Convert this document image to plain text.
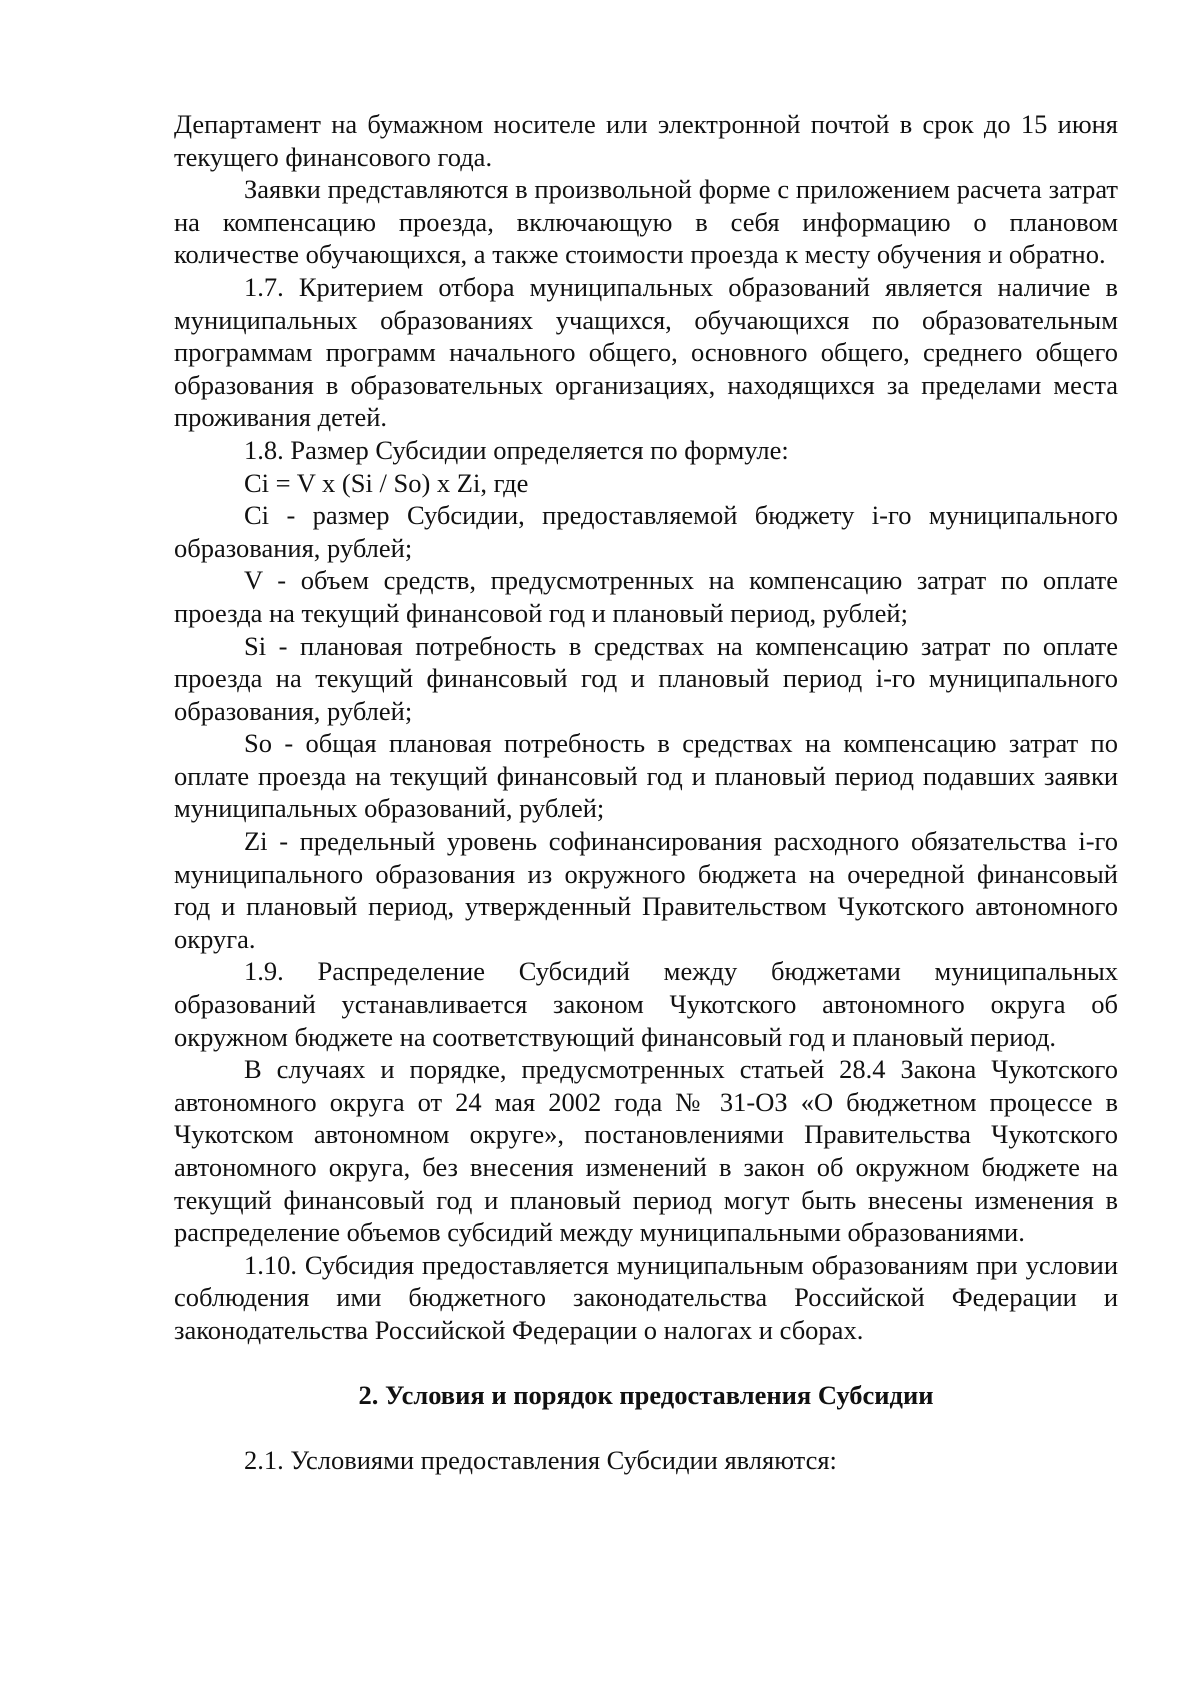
Департамент на бумажном носителе или электронной почтой в срок до 15 июня текущего финансового года.

Заявки представляются в произвольной форме с приложением расчета затрат на компенсацию проезда, включающую в себя информацию о плановом количестве обучающихся, а также стоимости проезда к месту обучения и обратно.

1.7. Критерием отбора муниципальных образований является наличие в муниципальных образованиях учащихся, обучающихся по образовательным программам программ начального общего, основного общего, среднего общего образования в образовательных организациях, находящихся за пределами места проживания детей.

1.8. Размер Субсидии определяется по формуле:

Ci = V x (Si / So) x Zi, где

Ci - размер Субсидии, предоставляемой бюджету i-го муниципального образования, рублей;

V - объем средств, предусмотренных на компенсацию затрат по оплате проезда на текущий финансовой год и плановый период, рублей;

Si - плановая потребность в средствах на компенсацию затрат по оплате проезда на текущий финансовый год и плановый период i-го муниципального образования, рублей;

So - общая плановая потребность в средствах на компенсацию затрат по оплате проезда на текущий финансовый год и плановый период подавших заявки муниципальных образований, рублей;

Zi - предельный уровень софинансирования расходного обязательства i-го муниципального образования из окружного бюджета на очередной финансовый год и плановый период, утвержденный Правительством Чукотского автономного округа.

1.9. Распределение Субсидий между бюджетами муниципальных образований устанавливается законом Чукотского автономного округа об окружном бюджете на соответствующий финансовый год и плановый период.

В случаях и порядке, предусмотренных статьей 28.4 Закона Чукотского автономного округа от 24 мая 2002 года № 31-ОЗ «О бюджетном процессе в Чукотском автономном округе», постановлениями Правительства Чукотского автономного округа, без внесения изменений в закон об окружном бюджете на текущий финансовый год и плановый период могут быть внесены изменения в распределение объемов субсидий между муниципальными образованиями.

1.10. Субсидия предоставляется муниципальным образованиям при условии соблюдения ими бюджетного законодательства Российской Федерации и законодательства Российской Федерации о налогах и сборах.

2. Условия и порядок предоставления Субсидии

2.1. Условиями предоставления Субсидии являются:
